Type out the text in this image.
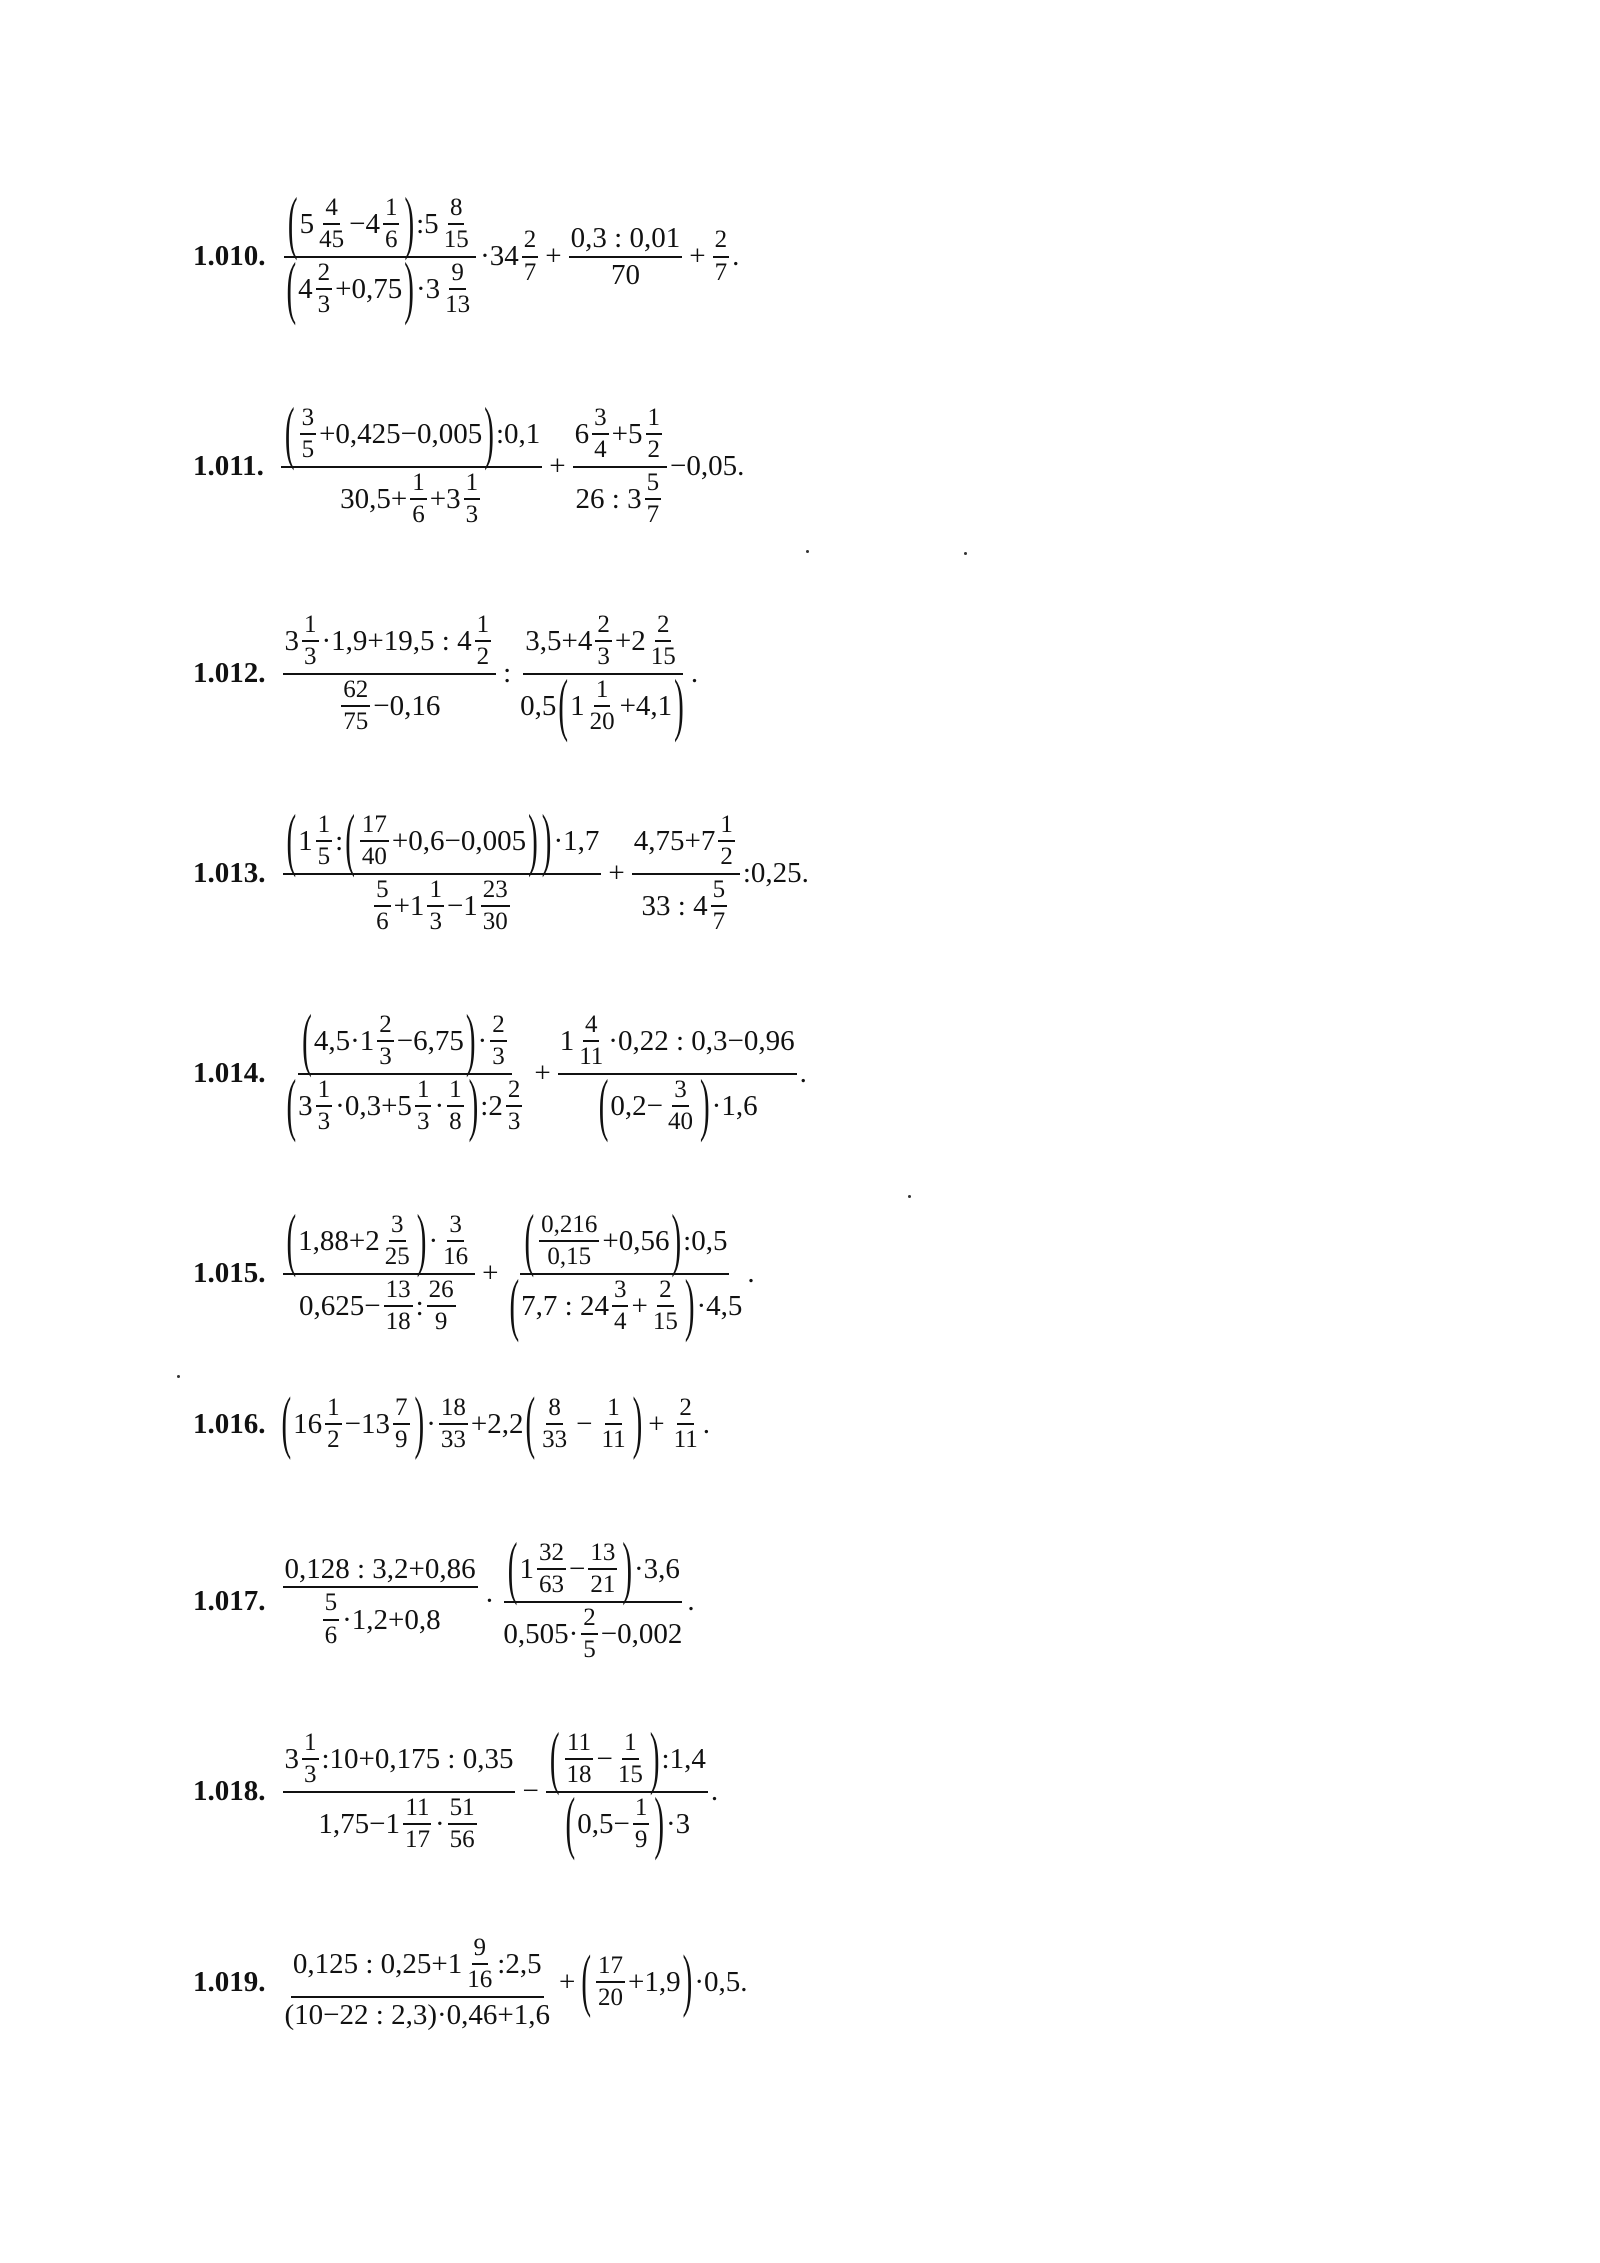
1.010. ( $5 \frac{4}{45} -4 \frac{1}{6}$ ) :5 $\frac{8}{15}$
( $4 \frac{2}{3} +0,75$ ) $\cdot 3 \frac{9}{13}$
$\cdot 34 \frac{2}{7} + \frac{0,3 : 0,01}{70} + \frac{2}{7}$ .
1.011. $\frac{( \frac{3}{5} +0,425-0,005 ) :0,1}{30,5+ \frac{1}{6} +3 \frac{1}{3}} + \frac{6 \frac{3}{4} +5 \frac{1}{2}}{26 : 3 \frac{5}{7}} -0,05$.
1.012. $\frac{3 \frac{1}{3} \cdot 1,9+19,5 : 4 \frac{1}{2}}{\frac{62}{75} -0,16}$ : $\frac{3,5+4 \frac{2}{3} +2 \frac{2}{15}}{0,5 ( 1 \frac{1}{20} +4,1 )}$ .
1.013. ( $1 \frac{1}{5}$ : ( $\frac{17}{40} +0,6-0,005$ ) ) ·1,7
$\frac{5}{6} +1 \frac{1}{3} -1 \frac{23}{30}$
+ $\frac{4,75+7 \frac{1}{2}}{33 : 4 \frac{5}{7}}$ :0,25.
1.014. ( $4,5\cdot 1 \frac{2}{3} -6,75$ ) · $\frac{2}{3}$
( $3 \frac{1}{3} \cdot 0,3+5 \frac{1}{3} \cdot \frac{1}{8}$ ) :2 $\frac{2}{3}$
+ $\frac{1 \frac{4}{11} \cdot 0,22 : 0,3-0,96}{( 0,2- \frac{3}{40} ) \cdot 1,6}$ .
1.015. $\frac{( 1,88+2 \frac{3}{25} ) \cdot \frac{3}{16}}{0,625- \frac{13}{18} : \frac{26}{9}}$ + ( $\frac{0,216}{0,15} +0,56$ ) :0,5
( 7,7 : $24 \frac{3}{4} + \frac{2}{15}$ ) ·4,5
.
1.016. ( $16 \frac{1}{2} -13 \frac{7}{9}$ ) · $\frac{18}{33} +2,2$ ( $\frac{8}{33} - \frac{1}{11}$ ) + $\frac{2}{11}$ .
1.017. $\frac{0,128 : 3,2+0,86}{\frac{5}{6} \cdot 1,2+0,8}$ · ( $1 \frac{32}{63} - \frac{13}{21}$ ) ·3,6
$0,505\cdot \frac{2}{5} -0,002$
.
1.018. $\frac{3 \frac{1}{3} :10+0,175 : 0,35}{1,75-1 \frac{11}{17} \cdot \frac{51}{56}} - \frac{( \frac{11}{18} - \frac{1}{15} ) :1,4}{( 0,5- \frac{1}{9} ) \cdot 3}$ .
1.019. $\frac{0,125 : 0,25+1 \frac{9}{16} :2,5}{(10-22 : 2,3)\cdot 0,46+1,6}$ + ( $\frac{17}{20} +1,9$ ) ·0,5.
